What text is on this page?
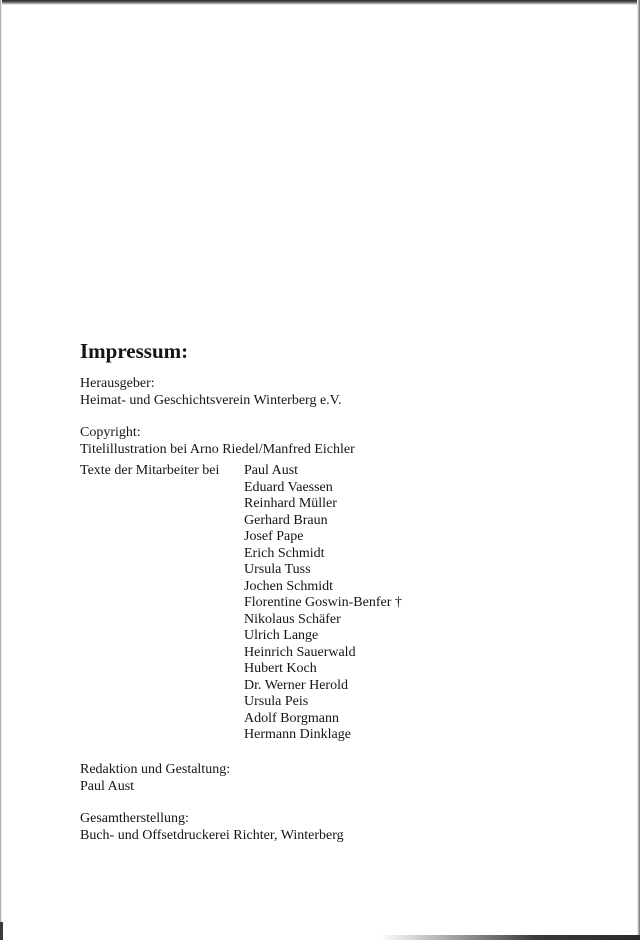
Impressum:

Herausgeber:

Heimat- und Geschichtsverein Winterberg e.V.

Copyright:

Titelillustration bei Arno Riedel/Manfred Eichler

Texte der Mitarbeiter bei Paul Aust
Eduard Vaessen
Reinhard Müller
Gerhard Braun
Josef Pape
Erich Schmidt
Ursula Tuss
Jochen Schmidt
Florentine Goswin-Benfer †
Nikolaus Schäfer
Ulrich Lange
Heinrich Sauerwald
Hubert Koch
Dr. Werner Herold
Ursula Peis
Adolf Borgmann
Hermann Dinklage

Redaktion und Gestaltung:

Paul Aust

Gesamtherstellung:

Buch- und Offsetdruckerei Richter, Winterberg
